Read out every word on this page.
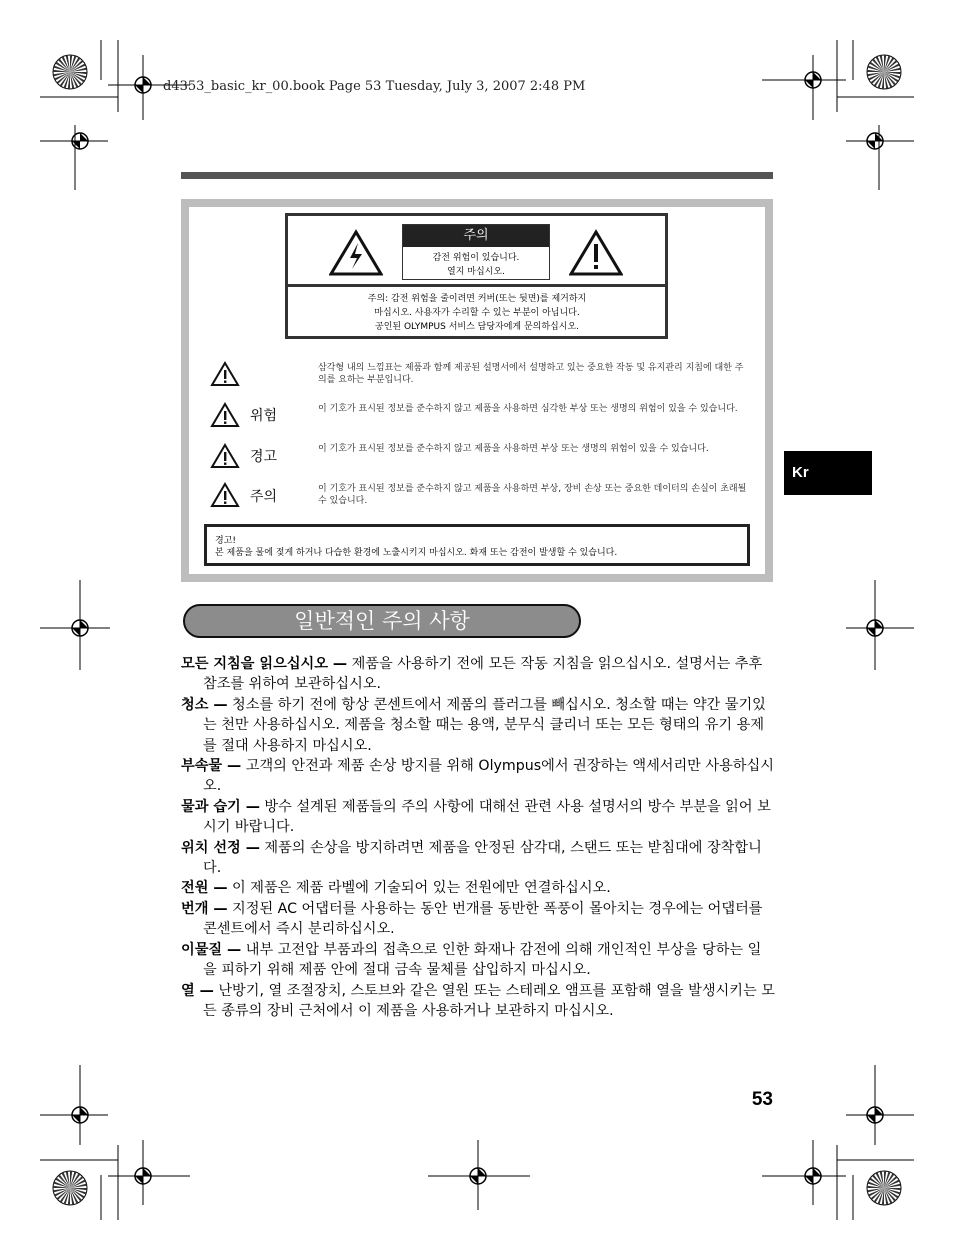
d4353_basic_kr_00.book Page 53 Tuesday, July 3, 2007 2:48 PM
주의
감전 위험이 있습니다.
열지 마십시오.
주의: 감전 위험을 줄이려면 커버(또는 뒷면)를 제거하지
마십시오. 사용자가 수리할 수 있는 부분이 아닙니다.
공인된 OLYMPUS 서비스 담당자에게 문의하십시오.
삼각형 내의 느낌표는 제품과 함께 제공된 설명서에서 설명하고 있는 중요한 작동 및 유지관리 지침에 대한 주의를 요하는 부분입니다.
위험	이 기호가 표시된 정보를 준수하지 않고 제품을 사용하면 심각한 부상 또는 생명의 위험이 있을 수 있습니다.
경고	이 기호가 표시된 정보를 준수하지 않고 제품을 사용하면 부상 또는 생명의 위험이 있을 수 있습니다.
주의	이 기호가 표시된 정보를 준수하지 않고 제품을 사용하면 부상, 장비 손상 또는 중요한 데이터의 손실이 초래될 수 있습니다.
경고!
본 제품을 물에 젖게 하거나 다습한 환경에 노출시키지 마십시오. 화재 또는 감전이 발생할 수 있습니다.
일반적인 주의 사항
Kr

모든 지침을 읽으십시오 — 제품을 사용하기 전에 모든 작동 지침을 읽으십시오. 설명서는 추후 참조를 위하여 보관하십시오.

청소 — 청소를 하기 전에 항상 콘센트에서 제품의 플러그를 빼십시오. 청소할 때는 약간 물기있는 천만 사용하십시오. 제품을 청소할 때는 용액, 분무식 클리너 또는 모든 형태의 유기 용제를 절대 사용하지 마십시오.

부속물 — 고객의 안전과 제품 손상 방지를 위해 Olympus에서 권장하는 액세서리만 사용하십시오.

물과 습기 — 방수 설계된 제품들의 주의 사항에 대해선 관련 사용 설명서의 방수 부분을 읽어 보시기 바랍니다.

위치 선정 — 제품의 손상을 방지하려면 제품을 안정된 삼각대, 스탠드 또는 받침대에 장착합니다.

전원 — 이 제품은 제품 라벨에 기술되어 있는 전원에만 연결하십시오.

번개 — 지정된 AC 어댑터를 사용하는 동안 번개를 동반한 폭풍이 몰아치는 경우에는 어댑터를 콘센트에서 즉시 분리하십시오.

이물질 — 내부 고전압 부품과의 접촉으로 인한 화재나 감전에 의해 개인적인 부상을 당하는 일을 피하기 위해 제품 안에 절대 금속 물체를 삽입하지 마십시오.

열 — 난방기, 열 조절장치, 스토브와 같은 열원 또는 스테레오 앰프를 포함해 열을 발생시키는 모든 종류의 장비 근처에서 이 제품을 사용하거나 보관하지 마십시오.

53
